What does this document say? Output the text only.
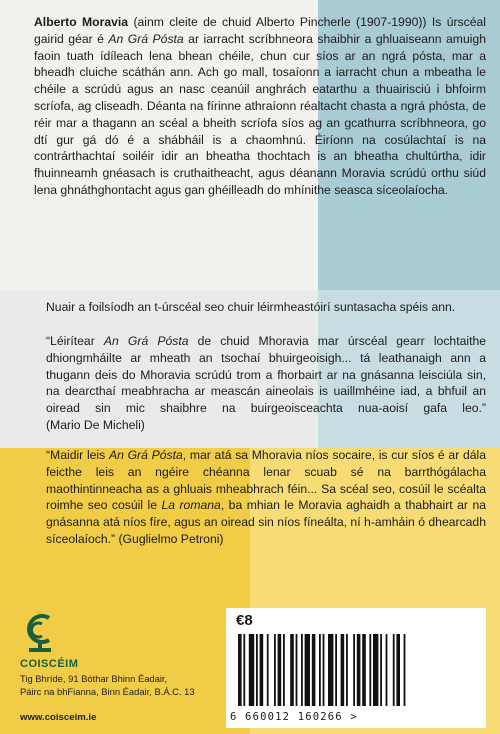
Alberto Moravia (ainm cleite de chuid Alberto Pincherle (1907-1990)) Is úrscéal gairid géar é An Grá Pósta ar iarracht scríbhneora shaibhir a ghluaiseann amuigh faoin tuath ídíleach lena bhean chéile, chun cur síos ar an ngrá pósta, mar a bheadh cluiche scáthán ann. Ach go mall, tosaíonn a iarracht chun a mbeatha le chéile a scrúdú agus an nasc ceanúil anghrách eatarthu a thuairisciú i bhfoirm scríofa, ag cliseadh. Déanta na fírinne athraíonn réaltacht chasta a ngrá phósta, de réir mar a thagann an scéal a bheith scríofa síos ag an gcathurra scríbhneora, go dtí gur gá dó é a shábháil is a chaomhnú. Éiríonn na cosúlachtaí is na contrárthachtaí soiléir idir an bheatha thochtach is an bheatha chultúrtha, idir fhuinneamh gnéasach is cruthaitheacht, agus déanann Moravia scrúdú orthu siúd lena ghnáthghontacht agus gan ghéilleadh do mhínithe seasca síceolaíocha.
Nuair a foilsíodh an t-úrscéal seo chuir léirmheastóirí suntasacha spéis ann.
“Léirítear An Grá Pósta de chuid Mhoravia mar úrscéal gearr lochtaithe dhiongmháilte ar mheath an tsochaí bhuirgeoisigh... tá leathanaigh ann a thugann deis do Mhoravia scrúdú trom a fhorbairt ar na gnásanna leisciúla sin, na dearcthaí meabhracha ar meascán aineolais is uaillmhéine iad, a bhfuil an oiread sin mic shaibhre na buirgeoisceachta nua-aoisí gafa leo.” (Mario De Micheli)
“Maidir leis An Grá Pósta, mar atá sa Mhoravia níos socaire, is cur síos é ar dála feicthe leis an ngéire chéanna lenar scuab sé na barrthógálacha maothintinneacha as a ghluais mheabhrach féin... Sa scéal seo, cosúil le scéalta roimhe seo cosúil le La romana, ba mhian le Moravia aghaidh a thabhairt ar na gnásanna atá níos fíre, agus an oiread sin níos fíneálta, ní h-amháin ó dhearcadh síceolaíoch.” (Guglielmo Petroni)
COISCÉIM
Tig Bhríde, 91 Bóthar Bhinn Éadair,
Páirc na bhFianna, Binn Éadair, B.Á.C. 13
www.coisceim.ie
€8
6 660012 160266 >
